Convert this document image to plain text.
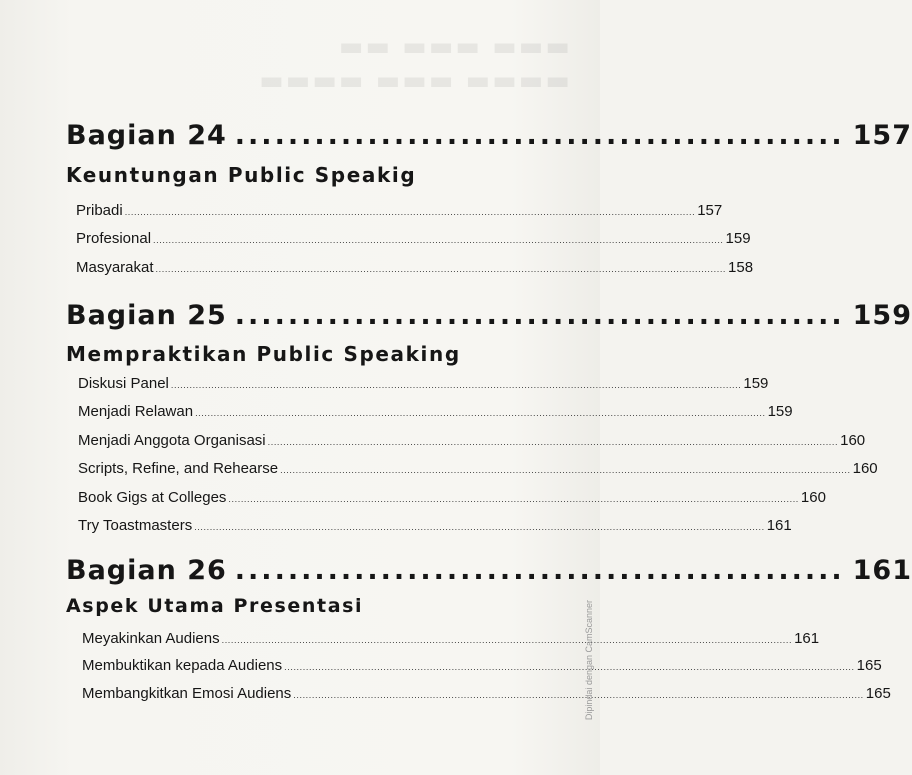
▬▬▬ ▬▬▬ ▬▬
▬▬▬▬ ▬▬▬ ▬▬▬▬
Bagian 24 .............................................. 157
Keuntungan Public Speakig
Pribadi ........................................................................................................................................................................................ 157
Profesional ........................................................................................................................................................................................ 159
Masyarakat ........................................................................................................................................................................................ 158
Bagian 25 .............................................. 159
Mempraktikan Public Speaking
Diskusi Panel ........................................................................................................................................................................................ 159
Menjadi Relawan ........................................................................................................................................................................................ 159
Menjadi Anggota Organisasi ........................................................................................................................................................................................ 160
Scripts, Refine, and Rehearse ........................................................................................................................................................................................ 160
Book Gigs at Colleges ........................................................................................................................................................................................ 160
Try Toastmasters ........................................................................................................................................................................................ 161
Bagian 26 .............................................. 161
Aspek Utama Presentasi
Meyakinkan Audiens ........................................................................................................................................................................................ 161
Membuktikan kepada Audiens ........................................................................................................................................................................................ 165
Membangkitkan Emosi Audiens ........................................................................................................................................................................................ 165
Dipindai dengan CamScanner
